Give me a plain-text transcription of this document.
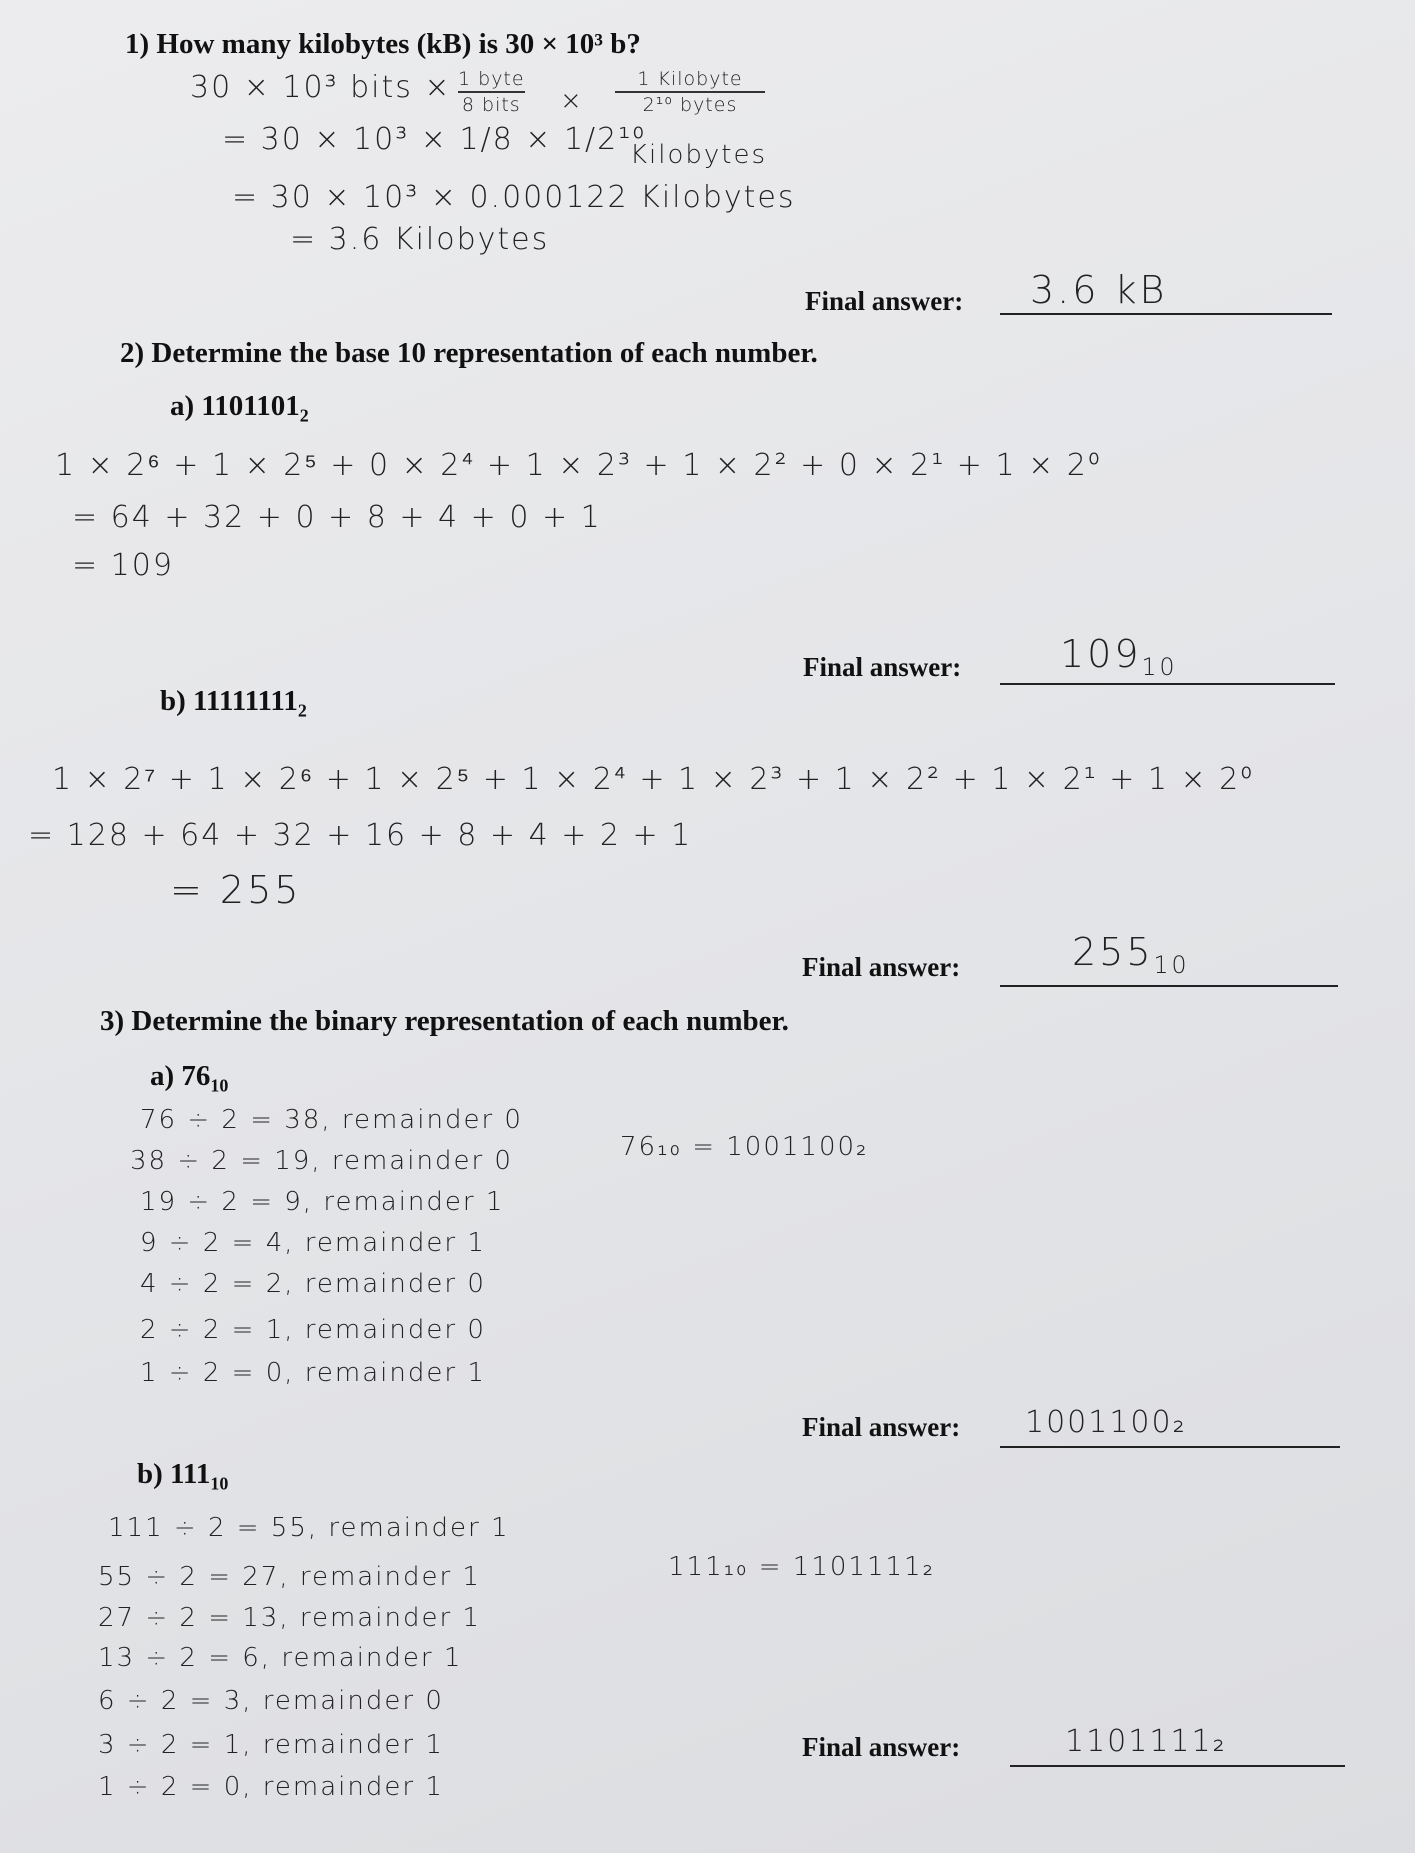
1) How many kilobytes (kB) is 30 × 10³ b?
30 × 10³ bits × 1 byte
8 bits ×
1 Kilobyte
2¹⁰ bytes
= 30 × 10³ × 1/8 × 1/2¹⁰
Kilobytes
= 30 × 10³ × 0.000122 Kilobytes
= 3.6 Kilobytes
Final answer: 3.6 kB
2) Determine the base 10 representation of each number.
a) $1101101_2$
1 × 2⁶ + 1 × 2⁵ + 0 × 2⁴ + 1 × 2³ + 1 × 2² + 0 × 2¹ + 1 × 2⁰
= 64 + 32 + 0 + 8 + 4 + 0 + 1
= 109
Final answer:	$109_{10}$
b) $11111111_2$
1 × 2⁷ + 1 × 2⁶ + 1 × 2⁵ + 1 × 2⁴ + 1 × 2³ + 1 × 2² + 1 × 2¹ + 1 × 2⁰
= 128 + 64 + 32 + 16 + 8 + 4 + 2 + 1
= 255
Final answer:	$255_{10}$
3) Determine the binary representation of each number.
a) $76_{10}$
76 ÷ 2 = 38, remainder 0
38 ÷ 2 = 19, remainder 0
19 ÷ 2 = 9, remainder 1
9 ÷ 2 = 4, remainder 1
4 ÷ 2 = 2, remainder 0
2 ÷ 2 = 1, remainder 0
1 ÷ 2 = 0, remainder 1
76₁₀ = 1001100₂
Final answer: 1001100₂
b) $111_{10}$
111 ÷ 2 = 55, remainder 1
55 ÷ 2 = 27, remainder 1
27 ÷ 2 = 13, remainder 1
13 ÷ 2 = 6, remainder 1
6 ÷ 2 = 3, remainder 0
3 ÷ 2 = 1, remainder 1
1 ÷ 2 = 0, remainder 1
111₁₀ = 1101111₂
Final answer:	1101111₂
